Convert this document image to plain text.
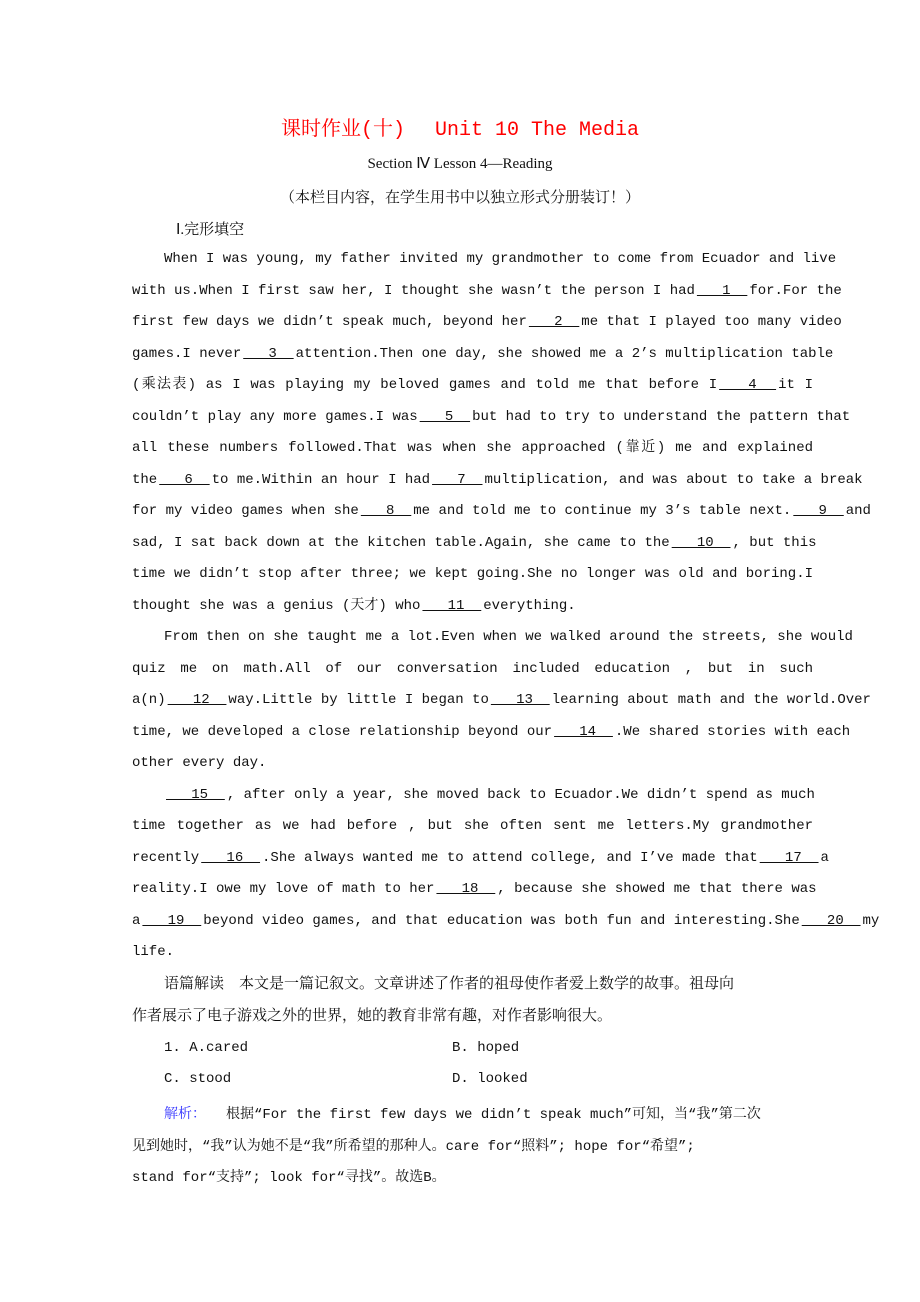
课时作业(十) Unit 10 The Media
Section Ⅳ Lesson 4—Reading
（本栏目内容，在学生用书中以独立形式分册装订！）
Ⅰ.完形填空
When I was young, my father invited my grandmother to come from Ecuador and live
with us.When I first saw her, I thought she wasn’t the person I had   1  for.For the
first few days we didn’t speak much, beyond her   2  me that I played too many video
games.I never   3  attention.Then one day, she showed me a 2’s multiplication table
(乘法表) as I was playing my beloved games and told me that before I   4  it I
couldn’t play any more games.I was   5  but had to try to understand the pattern that
all these numbers followed.That was when she approached (靠近) me and explained
the   6  to me.Within an hour I had   7  multiplication, and was about to take a break
for my video games when she   8  me and told me to continue my 3’s table next.   9  and
sad, I sat back down at the kitchen table.Again, she came to the   10  , but this
time we didn’t stop after three; we kept going.She no longer was old and boring.I
thought she was a genius (天才) who   11  everything.
From then on she taught me a lot.Even when we walked around the streets, she would
quiz me on math.All of our conversation included education , but in such
a(n)   12  way.Little by little I began to   13  learning about math and the world.Over
time, we developed a close relationship beyond our   14  .We shared stories with each
other every day.
15  , after only a year, she moved back to Ecuador.We didn’t spend as much
time together as we had before , but she often sent me letters.My grandmother
recently   16  .She always wanted me to attend college, and I’ve made that   17  a
reality.I owe my love of math to her   18  , because she showed me that there was
a   19  beyond video games, and that education was both fun and interesting.She   20  my
life.
语篇解读　本文是一篇记叙文。文章讲述了作者的祖母使作者爱上数学的故事。祖母向
作者展示了电子游戏之外的世界，她的教育非常有趣，对作者影响很大。
1. A.cared	B. hoped
C. stood	D. looked
解析： 根据“For the first few days we didn’t speak much”可知，当“我”第二次
见到她时，“我”认为她不是“我”所希望的那种人。care for“照料”; hope for“希望”;
stand for“支持”; look for“寻找”。故选B。
